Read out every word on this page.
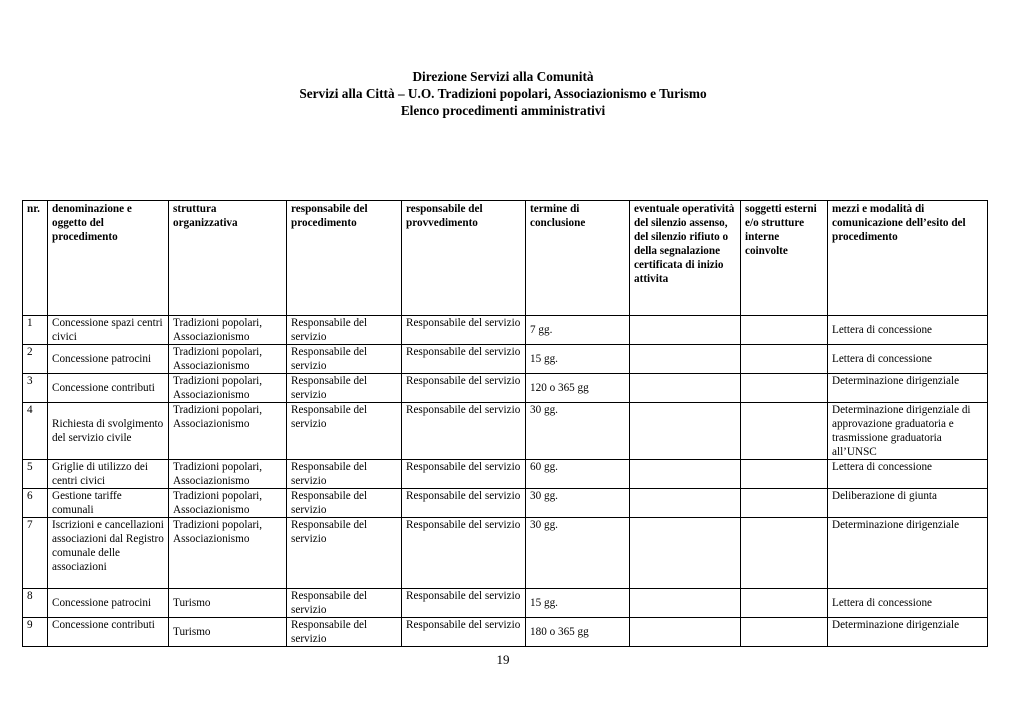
Direzione Servizi alla Comunità
Servizi alla Città – U.O. Tradizioni popolari, Associazionismo e Turismo
Elenco procedimenti amministrativi
nr.	denominazione e oggetto del procedimento	struttura organizzativa	responsabile del procedimento	responsabile del provvedimento	termine di conclusione	eventuale operatività del silenzio assenso, del silenzio rifiuto o della segnalazione certificata di inizio attivita	soggetti esterni e/o strutture interne coinvolte	mezzi e modalità di comunicazione dell’esito del procedimento
1	Concessione spazi centri civici	Tradizioni popolari, Associazionismo	Responsabile del servizio	Responsabile del servizio	7 gg.			Lettera di concessione
2	Concessione patrocini	Tradizioni popolari, Associazionismo	Responsabile del servizio	Responsabile del servizio	15 gg.			Lettera di concessione
3	Concessione contributi	Tradizioni popolari, Associazionismo	Responsabile del servizio	Responsabile del servizio	120 o 365 gg			Determinazione dirigenziale
4	Richiesta di svolgimento del servizio civile	Tradizioni popolari, Associazionismo	Responsabile del servizio	Responsabile del servizio	30 gg.			Determinazione dirigenziale di approvazione graduatoria e trasmissione graduatoria all’UNSC
5	Griglie di utilizzo dei centri civici	Tradizioni popolari, Associazionismo	Responsabile del servizio	Responsabile del servizio	60 gg.			Lettera di concessione
6	Gestione tariffe comunali	Tradizioni popolari, Associazionismo	Responsabile del servizio	Responsabile del servizio	30 gg.			Deliberazione di giunta
7	Iscrizioni e cancellazioni associazioni dal Registro comunale delle associazioni	Tradizioni popolari, Associazionismo	Responsabile del servizio	Responsabile del servizio	30 gg.			Determinazione dirigenziale
8	Concessione patrocini	Turismo	Responsabile del servizio	Responsabile del servizio	15 gg.			Lettera di concessione
9	Concessione contributi	Turismo	Responsabile del servizio	Responsabile del servizio	180 o 365 gg			Determinazione dirigenziale
19
